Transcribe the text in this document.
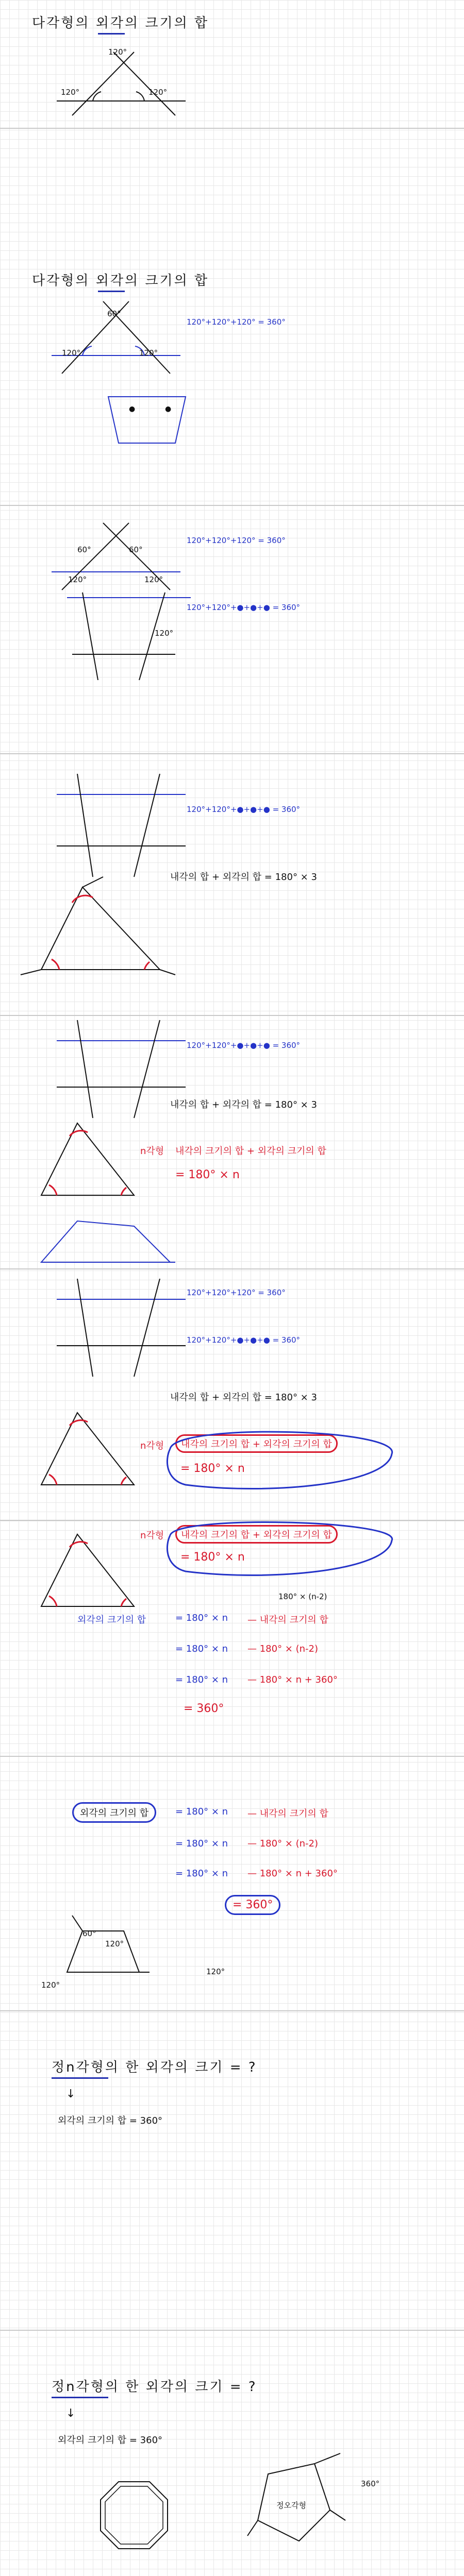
다각형의 외각의 크기의 합
120°
120°	120°
다각형의 외각의 크기의 합
120°+120°+120° = 360°
60°
120°	120°
●	●
120°+120°+120° = 360°
120°+120°+●+●+● = 360°
60°	60°
120°	120°
120°
120°+120°+●+●+● = 360°
내각의 합 + 외각의 합 = 180° × 3
120°+120°+●+●+● = 360°
내각의 합 + 외각의 합 = 180° × 3
n각형 내각의 크기의 합 + 외각의 크기의 합
= 180° × n
120°+120°+120° = 360°
120°+120°+●+●+● = 360°
내각의 합 + 외각의 합 = 180° × 3
n각형	내각의 크기의 합 + 외각의 크기의 합
= 180° × n
n각형	내각의 크기의 합 + 외각의 크기의 합
= 180° × n
180° × (n-2)
외각의 크기의 합	= 180° × n — 내각의 크기의 합
= 180° × n — 180° × (n-2)
= 180° × n — 180° × n + 360°
= 360°
외각의 크기의 합	= 180° × n — 내각의 크기의 합
= 180° × n — 180° × (n-2)
= 180° × n — 180° × n + 360°
= 360°
120°
120°
60°
120°
정n각형의 한 외각의 크기 = ?
↓
외각의 크기의 합 = 360°
정n각형의 한 외각의 크기 = ?
↓
외각의 크기의 합 = 360°
정오각형
360°
